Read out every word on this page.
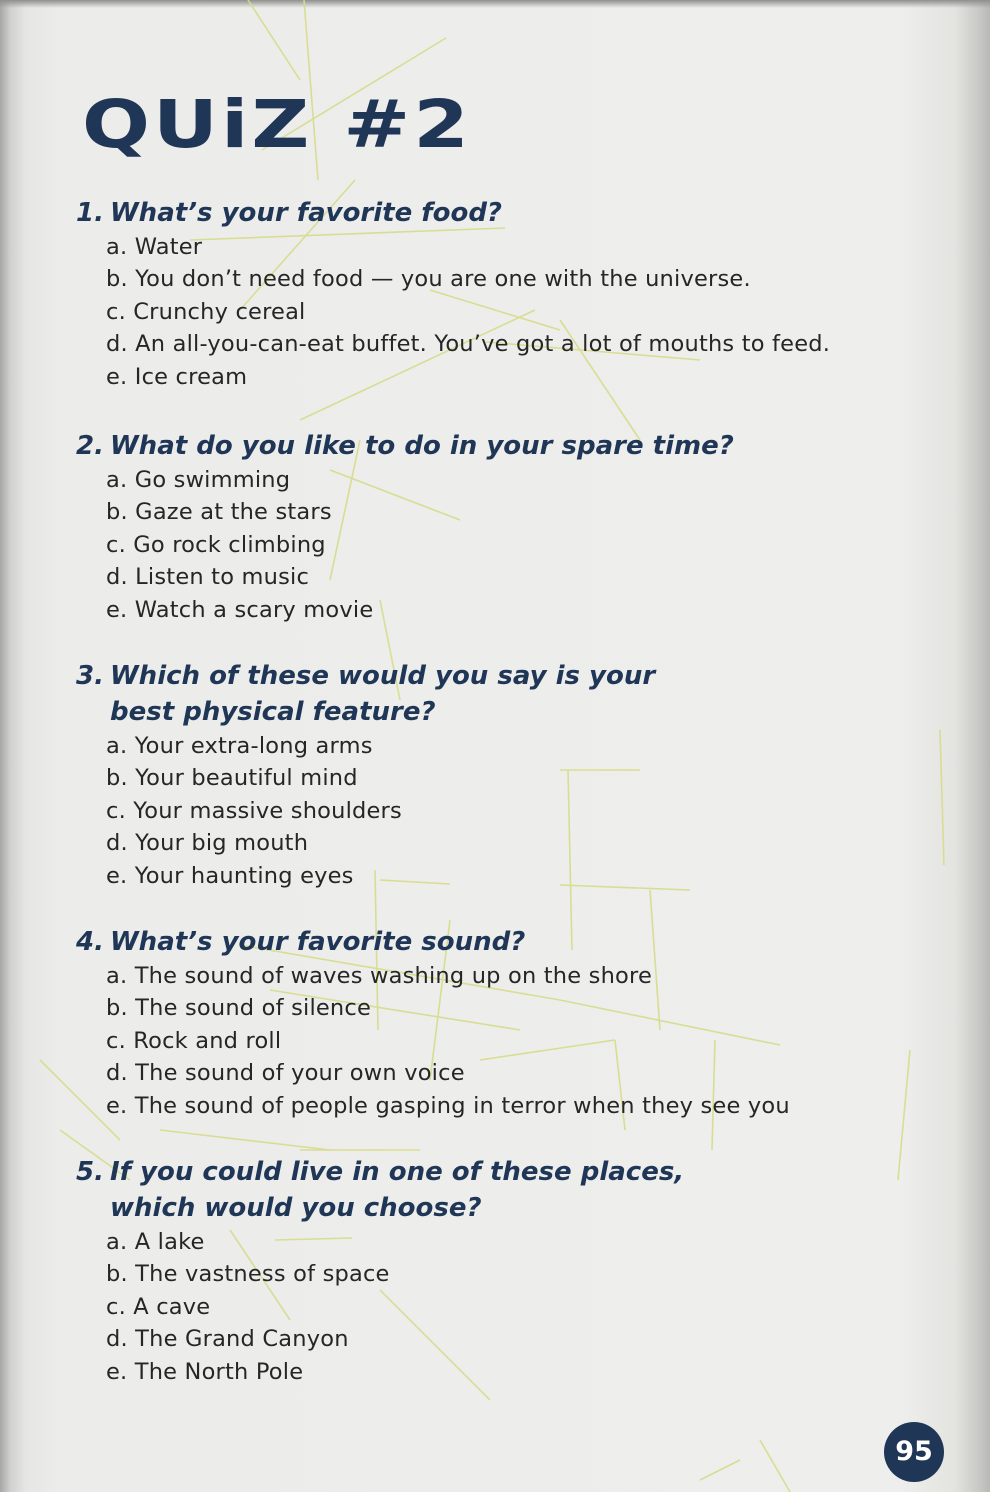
QUiZ #2

1. What’s your favorite food?

a. Water
b. You don’t need food — you are one with the universe.
c. Crunchy cereal
d. An all-you-can-eat buffet. You’ve got a lot of mouths to feed.
e. Ice cream

2. What do you like to do in your spare time?

a. Go swimming
b. Gaze at the stars
c. Go rock climbing
d. Listen to music
e. Watch a scary movie

3. Which of these would you say is your
best physical feature?

a. Your extra-long arms
b. Your beautiful mind
c. Your massive shoulders
d. Your big mouth
e. Your haunting eyes

4. What’s your favorite sound?

a. The sound of waves washing up on the shore
b. The sound of silence
c. Rock and roll
d. The sound of your own voice
e. The sound of people gasping in terror when they see you

5. If you could live in one of these places,
which would you choose?

a. A lake
b. The vastness of space
c. A cave
d. The Grand Canyon
e. The North Pole
95
